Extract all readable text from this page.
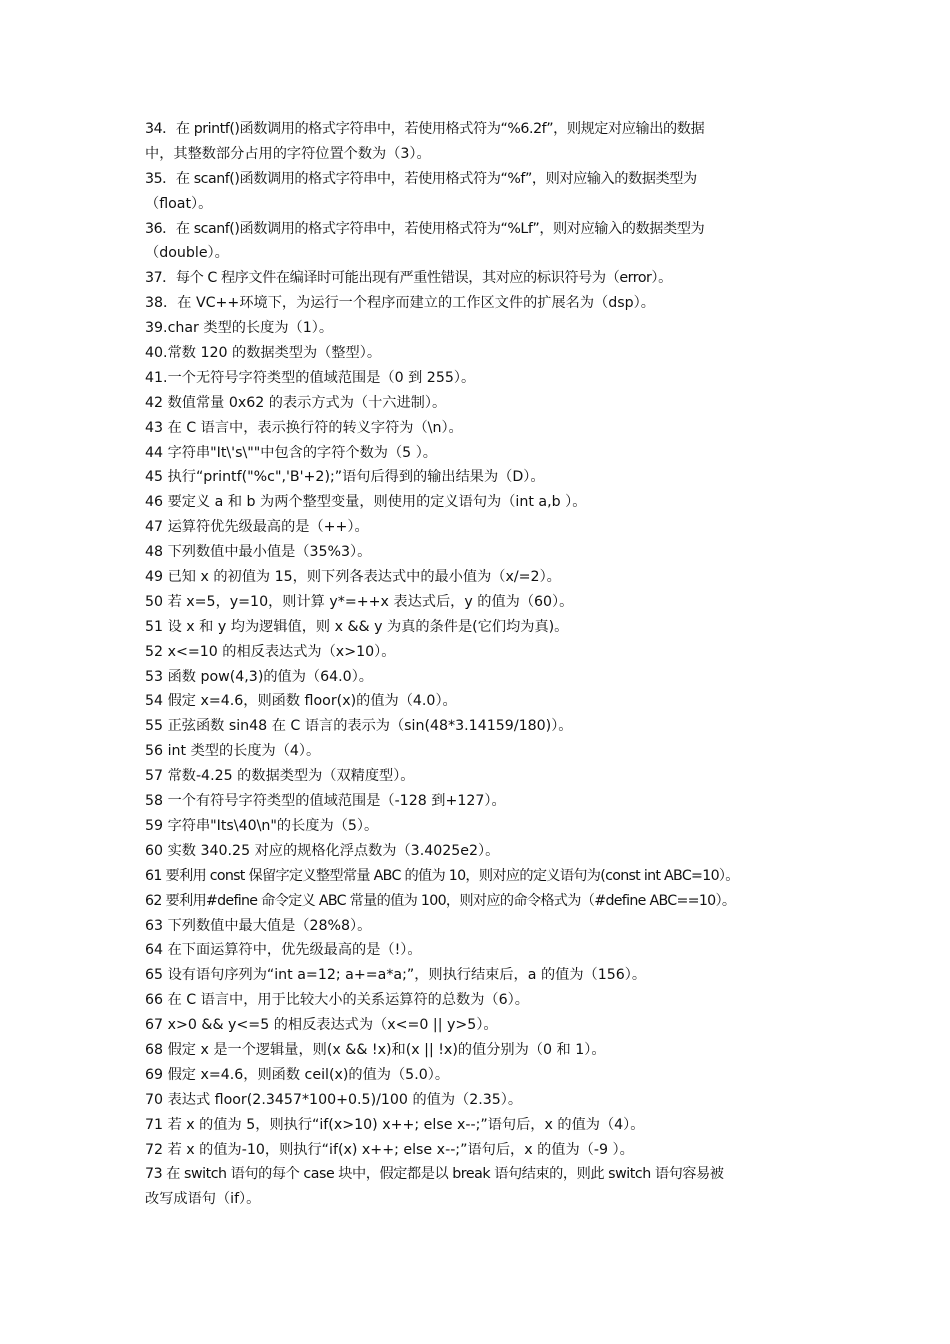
34．在 printf()函数调用的格式字符串中，若使用格式符为“%6.2f”，则规定对应输出的数据
中，其整数部分占用的字符位置个数为（3）。
35．在 scanf()函数调用的格式字符串中，若使用格式符为“%f”，则对应输入的数据类型为
（float）。
36．在 scanf()函数调用的格式字符串中，若使用格式符为“%Lf”，则对应输入的数据类型为
（double）。
37．每个 C 程序文件在编译时可能出现有严重性错误，其对应的标识符号为（error）。
38．在 VC++环境下，为运行一个程序而建立的工作区文件的扩展名为（dsp）。
39.char 类型的长度为（1）。
40.常数 120 的数据类型为（整型）。
41.一个无符号字符类型的值域范围是（0 到 255）。
42 数值常量 0x62 的表示方式为（十六进制）。
43 在 C 语言中，表示换行符的转义字符为（\n）。
44 字符串"It\'s\""中包含的字符个数为（5 ）。
45 执行“printf("%c",'B'+2);”语句后得到的输出结果为（D）。
46 要定义 a 和 b 为两个整型变量，则使用的定义语句为（int a,b ）。
47 运算符优先级最高的是（++）。
48 下列数值中最小值是（35%3）。
49 已知 x 的初值为 15，则下列各表达式中的最小值为（x/=2）。
50 若 x=5，y=10，则计算 y*=++x 表达式后，y 的值为（60）。
51 设 x 和 y 均为逻辑值，则 x && y 为真的条件是(它们均为真)。
52 x<=10 的相反表达式为（x>10）。
53 函数 pow(4,3)的值为（64.0）。
54 假定 x=4.6，则函数 floor(x)的值为（4.0）。
55 正弦函数 sin48 在 C 语言的表示为（sin(48*3.14159/180)）。
56 int 类型的长度为（4）。
57 常数-4.25 的数据类型为（双精度型）。
58 一个有符号字符类型的值域范围是（-128 到+127）。
59 字符串"Its\40\n"的长度为（5）。
60 实数 340.25 对应的规格化浮点数为（3.4025e2）。
61 要利用 const 保留字定义整型常量 ABC 的值为 10，则对应的定义语句为(const int ABC=10）。
62 要利用#define 命令定义 ABC 常量的值为 100，则对应的命令格式为（#define ABC==10）。
63 下列数值中最大值是（28%8）。
64 在下面运算符中，优先级最高的是（!）。
65 设有语句序列为“int a=12; a+=a*a;”，则执行结束后，a 的值为（156）。
66 在 C 语言中，用于比较大小的关系运算符的总数为（6）。
67 x>0 && y<=5 的相反表达式为（x<=0 || y>5）。
68 假定 x 是一个逻辑量，则(x && !x)和(x || !x)的值分别为（0 和 1）。
69 假定 x=4.6，则函数 ceil(x)的值为（5.0）。
70 表达式 floor(2.3457*100+0.5)/100 的值为（2.35）。
71 若 x 的值为 5，则执行“if(x>10) x++; else x--;”语句后，x 的值为（4）。
72 若 x 的值为-10，则执行“if(x) x++; else x--;”语句后，x 的值为（-9 ）。
73 在 switch 语句的每个 case 块中，假定都是以 break 语句结束的，则此 switch 语句容易被
改写成语句（if）。
